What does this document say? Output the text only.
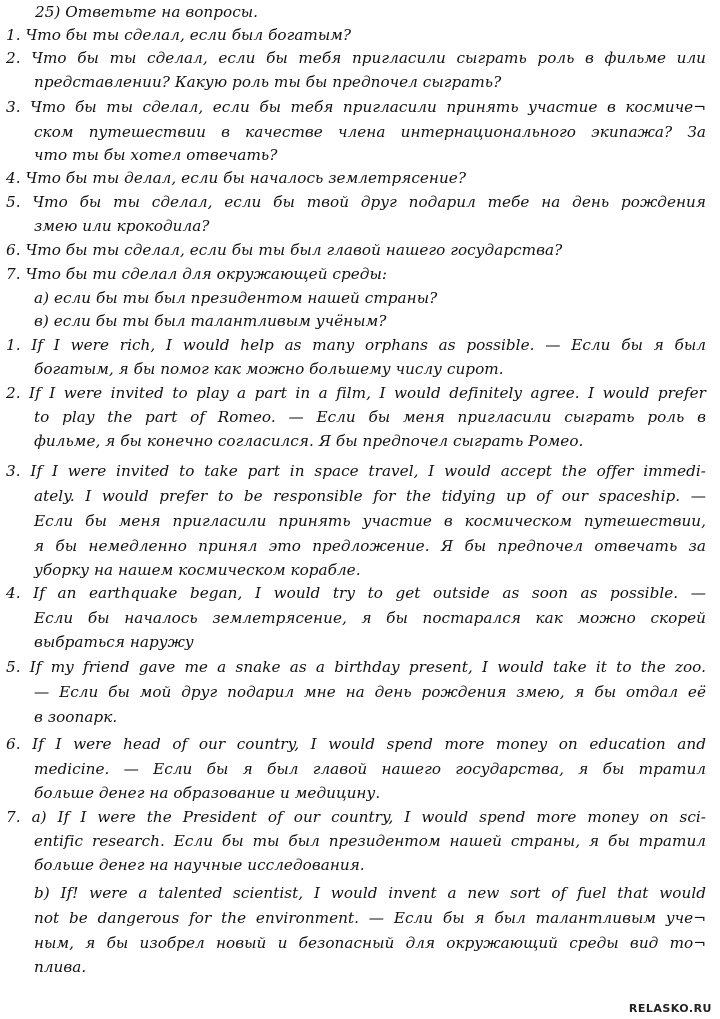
25) Ответьте на вопросы.
1. Что бы ты сделал, если был богатым?
2. Что бы ты сделал, если бы тебя пригласили сыграть роль в фильме или
представлении? Какую роль ты бы предпочел сыграть?
3. Что бы ты сделал, если бы тебя пригласили принять участие в космиче¬
ском путешествии в качестве члена интернационального экипажа? За
что ты бы хотел отвечать?
4. Что бы ты делал, если бы началось землетрясение?
5. Что бы ты сделал, если бы твой друг подарил тебе на день рождения
змею или крокодила?
6. Что бы ты сделал, если бы ты был главой нашего государства?
7. Что бы ти сделал для окружающей среды:
а) если бы ты был президентом нашей страны?
в) если бы ты был талантливым учёным?
1. If I were rich, I would help as many orphans as possible. — Если бы я был
богатым, я бы помог как можно большему числу сирот.
2. If I were invited to play a part in a film, I would definitely agree. I would prefer
to play the part of Romeo. — Если бы меня пригласили сыграть роль в
фильме, я бы конечно согласился. Я бы предпочел сыграть Ромео.
3. If I were invited to take part in space travel, I would accept the offer immedi-
ately. I would prefer to be responsible for the tidying up of our spaceship. —
Если бы меня пригласили принять участие в космическом путешествии,
я бы немедленно принял это предложение. Я бы предпочел отвечать за
уборку на нашем космическом корабле.
4. If an earthquake began, I would try to get outside as soon as possible. —
Если бы началось землетрясение, я бы постарался как можно скорей
выбраться наружу
5. If my friend gave me a snake as a birthday present, I would take it to the zoo.
— Если бы мой друг подарил мне на день рождения змею, я бы отдал её
в зоопарк.
6. If I were head of our country, I would spend more money on education and
medicine. — Если бы я был главой нашего государства, я бы тратил
больше денег на образование и медицину.
7. a) If I were the President of our country, I would spend more money on sci-
entific research. Если бы ты был президентом нашей страны, я бы тратил
больше денег на научные исследования.
b) If! were a talented scientist, I would invent a new sort of fuel that would
not be dangerous for the environment. — Если бы я был талантливым уче¬
ным, я бы изобрел новый и безопасный для окружающий среды вид то¬
плива.
RELASKO.RU
